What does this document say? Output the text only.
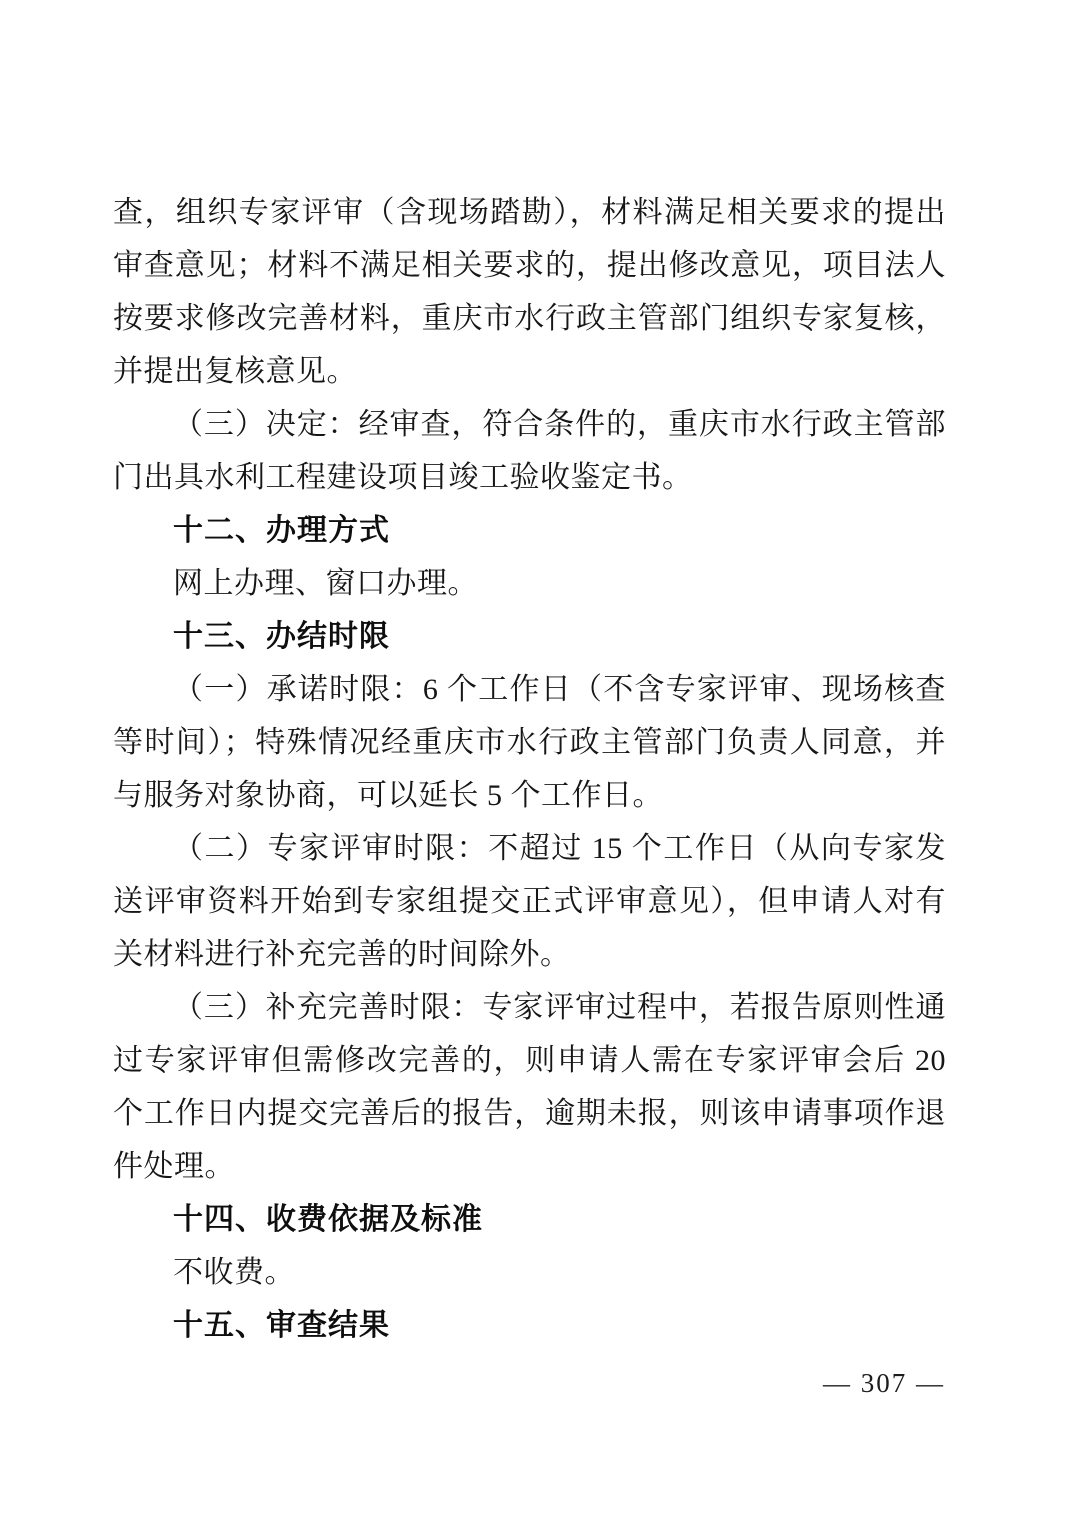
查，组织专家评审（含现场踏勘），材料满足相关要求的提出审查意见；材料不满足相关要求的，提出修改意见，项目法人按要求修改完善材料，重庆市水行政主管部门组织专家复核，并提出复核意见。

（三）决定：经审查，符合条件的，重庆市水行政主管部门出具水利工程建设项目竣工验收鉴定书。

十二、办理方式

网上办理、窗口办理。

十三、办结时限

（一）承诺时限：6 个工作日（不含专家评审、现场核查等时间）；特殊情况经重庆市水行政主管部门负责人同意，并与服务对象协商，可以延长 5 个工作日。

（二）专家评审时限：不超过 15 个工作日（从向专家发送评审资料开始到专家组提交正式评审意见），但申请人对有关材料进行补充完善的时间除外。

（三）补充完善时限：专家评审过程中，若报告原则性通过专家评审但需修改完善的，则申请人需在专家评审会后 20 个工作日内提交完善后的报告，逾期未报，则该申请事项作退件处理。

十四、收费依据及标准

不收费。

十五、审查结果

— 307 —
